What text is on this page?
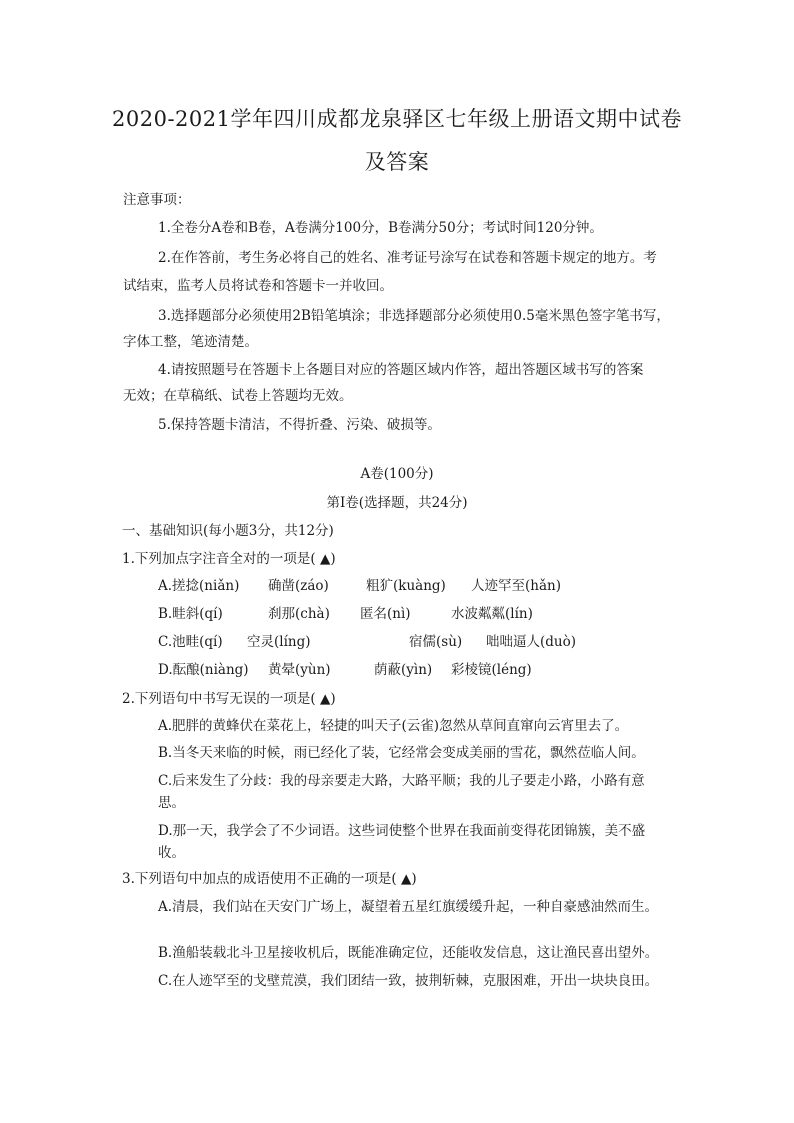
2020-2021学年四川成都龙泉驿区七年级上册语文期中试卷
及答案
注意事项：
1.全卷分A卷和B卷，A卷满分100分，B卷满分50分；考试时间120分钟。
2.在作答前，考生务必将自己的姓名、准考证号涂写在试卷和答题卡规定的地方。考
试结束，监考人员将试卷和答题卡一并收回。
3.选择题部分必须使用2B铅笔填涂；非选择题部分必须使用0.5毫米黑色签字笔书写，
字体工整，笔迹清楚。
4.请按照题号在答题卡上各题目对应的答题区域内作答，超出答题区域书写的答案
无效；在草稿纸、试卷上答题均无效。
5.保持答题卡清洁，不得折叠、污染、破损等。
A卷(100分)
第Ⅰ卷(选择题，共24分)
一、基础知识(每小题3分，共12分)
1.下列加点字注音全对的一项是( ▲)
A.搓捻(niǎn) 确凿(záo)	粗犷(kuàng) 人迹罕至(hǎn)
B.畦斜(qí)	刹那(chà) 匿名(nì)	水波粼粼(lín)
C.池畦(qí) 空灵(líng)	宿儒(sù) 咄咄逼人(duò)
D.酝酿(niàng) 黄晕(yùn)	荫蔽(yìn) 彩棱镜(léng)
2.下列语句中书写无误的一项是( ▲)
A.肥胖的黄蜂伏在菜花上，轻捷的叫天子(云雀)忽然从草间直窜向云宵里去了。
B.当冬天来临的时候，雨已经化了装，它经常会变成美丽的雪花，飘然莅临人间。
C.后来发生了分歧：我的母亲要走大路，大路平顺；我的儿子要走小路，小路有意
思。
D.那一天，我学会了不少词语。这些词使整个世界在我面前变得花团锦簇，美不盛
收。
3.下列语句中加点的成语使用不正确的一项是( ▲)
A.清晨，我们站在天安门广场上，凝望着五星红旗缓缓升起，一种自豪感油然而生。
B.渔船装载北斗卫星接收机后，既能准确定位，还能收发信息，这让渔民喜出望外。
C.在人迹罕至的戈壁荒漠，我们团结一致，披荆斩棘，克服困难，开出一块块良田。
